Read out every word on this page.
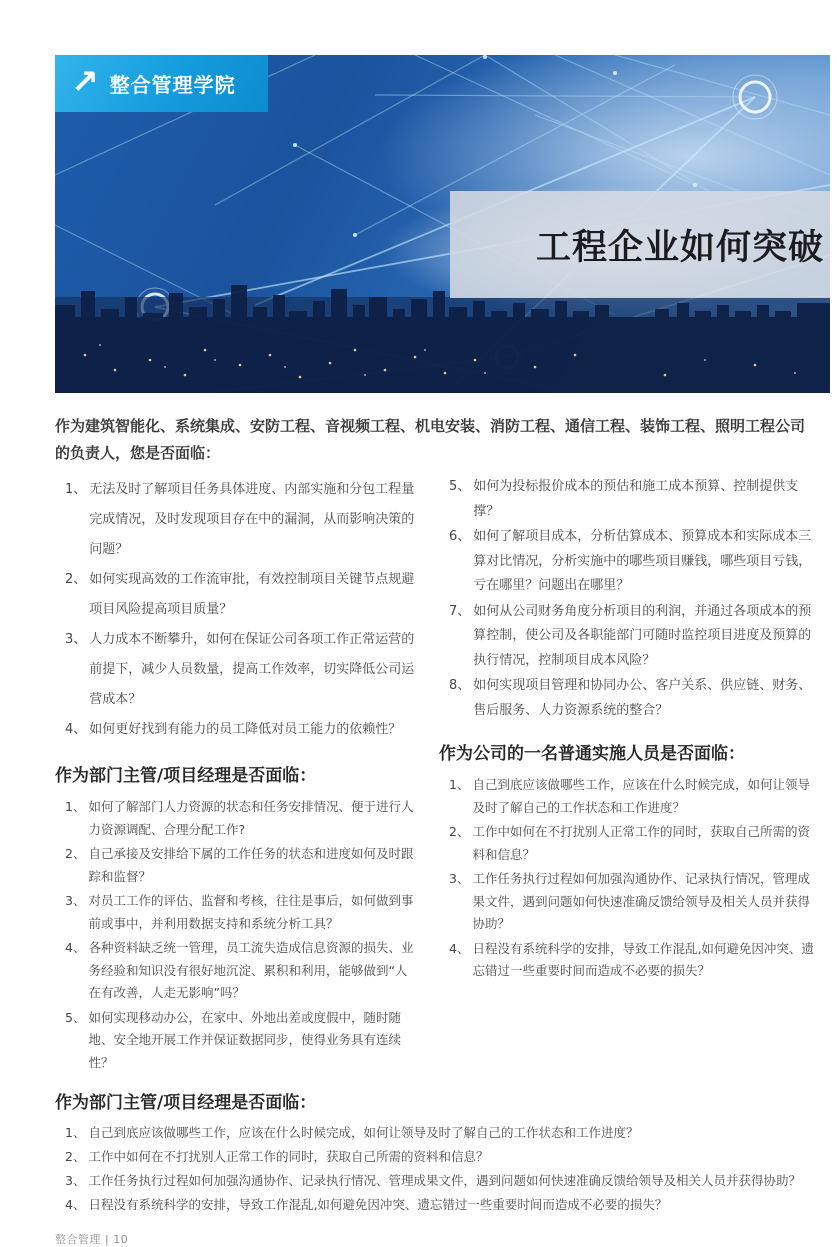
↗ 整合管理学院
工程企业如何突破

作为建筑智能化、系统集成、安防工程、音视频工程、机电安装、消防工程、通信工程、装饰工程、照明工程公司的负责人，您是否面临：

1、 无法及时了解项目任务具体进度、内部实施和分包工程量完成情况，及时发现项目存在中的漏洞，从而影响决策的问题？
2、 如何实现高效的工作流审批，有效控制项目关键节点规避项目风险提高项目质量？
3、 人力成本不断攀升，如何在保证公司各项工作正常运营的前提下，减少人员数量，提高工作效率，切实降低公司运营成本？
4、 如何更好找到有能力的员工降低对员工能力的依赖性？
作为部门主管/项目经理是否面临：
1、 如何了解部门人力资源的状态和任务安排情况、便于进行人力资源调配、合理分配工作?
2、 自己承接及安排给下属的工作任务的状态和进度如何及时跟踪和监督？
3、 对员工工作的评估、监督和考核，往往是事后，如何做到事前或事中，并利用数据支持和系统分析工具？
4、 各种资料缺乏统一管理，员工流失造成信息资源的损失、业务经验和知识没有很好地沉淀、累积和利用，能够做到“人在有改善，人走无影响”吗？
5、 如何实现移动办公，在家中、外地出差或度假中，随时随地、安全地开展工作并保证数据同步，使得业务具有连续性？
5、 如何为投标报价成本的预估和施工成本预算、控制提供支撑？
6、 如何了解项目成本，分析估算成本、预算成本和实际成本三算对比情况，分析实施中的哪些项目赚钱，哪些项目亏钱，亏在哪里？问题出在哪里？
7、 如何从公司财务角度分析项目的利润，并通过各项成本的预算控制，使公司及各职能部门可随时监控项目进度及预算的执行情况，控制项目成本风险？
8、 如何实现项目管理和协同办公、客户关系、供应链、财务、售后服务、人力资源系统的整合？
作为公司的一名普通实施人员是否面临：
1、 自己到底应该做哪些工作，应该在什么时候完成，如何让领导及时了解自己的工作状态和工作进度？
2、 工作中如何在不打扰别人正常工作的同时，获取自己所需的资料和信息？
3、 工作任务执行过程如何加强沟通协作、记录执行情况，管理成果文件，遇到问题如何快速准确反馈给领导及相关人员并获得协助？
4、 日程没有系统科学的安排，导致工作混乱,如何避免因冲突、遗忘错过一些重要时间而造成不必要的损失？
作为部门主管/项目经理是否面临：
1、 自己到底应该做哪些工作，应该在什么时候完成，如何让领导及时了解自己的工作状态和工作进度？
2、 工作中如何在不打扰别人正常工作的同时，获取自己所需的资料和信息？
3、 工作任务执行过程如何加强沟通协作、记录执行情况、管理成果文件，遇到问题如何快速准确反馈给领导及相关人员并获得协助？
4、 日程没有系统科学的安排，导致工作混乱,如何避免因冲突、遗忘错过一些重要时间而造成不必要的损失？
整合管理 | 10
